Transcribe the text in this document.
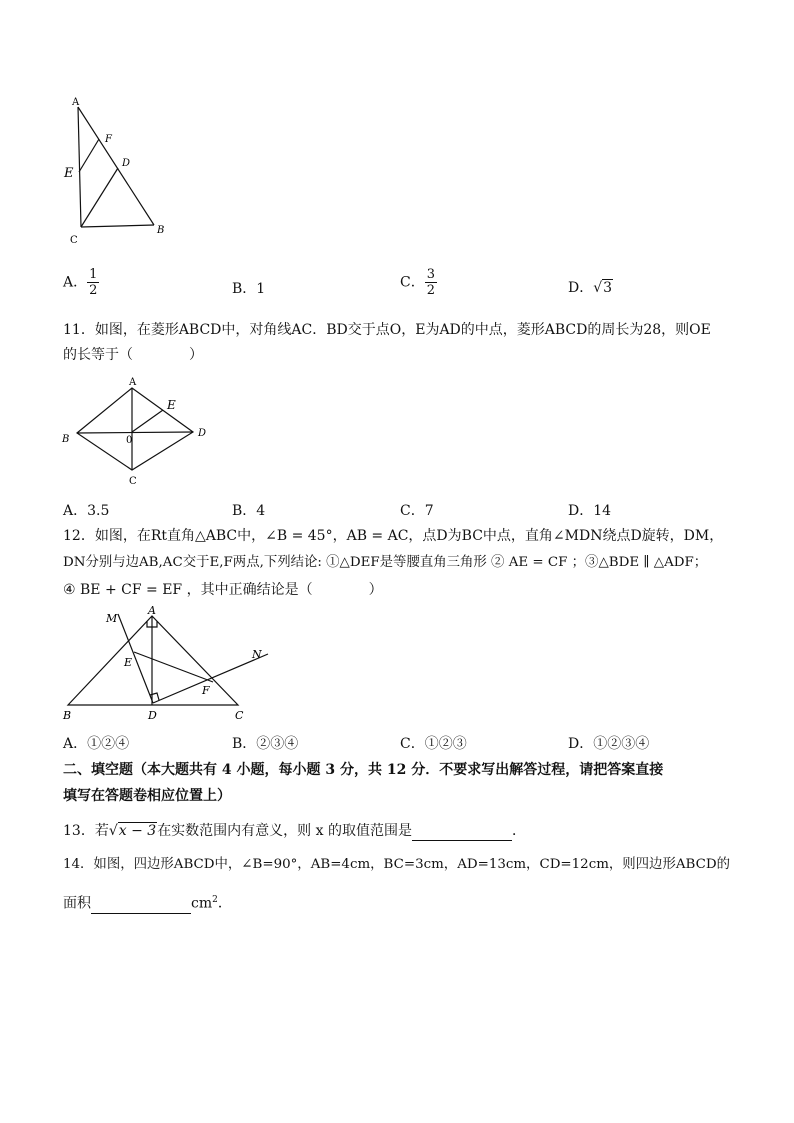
A
F
D
E
C
B
A． $\frac{1}{2}$	B．1	C． $\frac{3}{2}$	D．√3
11．如图，在菱形ABCD中，对角线AC．BD交于点O，E为AD的中点，菱形ABCD的周长为28，则OE
的长等于（　　　　）
A
E
B	0
D
C
A．3.5	B．4	C．7	D．14
12．如图，在Rt直角△ABC中，∠B = 45°，AB = AC，点D为BC中点，直角∠MDN绕点D旋转，DM，
DN分别与边AB,AC交于E,F两点,下列结论: ①△DEF是等腰直角三角形 ② AE = CF ；③△BDE ∥ △ADF；
④ BE + CF = EF ，其中正确结论是（　　　　）
M
A
N
E
F
B	D	C
A．①②④	B．②③④	C．①②③	D．①②③④
二、填空题（本大题共有 4 小题，每小题 3 分，共 12 分．不要求写出解答过程，请把答案直接
填写在答题卷相应位置上）
13．若√x − 3在实数范围内有意义，则 x 的取值范围是	．
14．如图，四边形ABCD中，∠B=90°，AB=4cm，BC=3cm，AD=13cm，CD=12cm，则四边形ABCD的
面积	$cm^2$．
